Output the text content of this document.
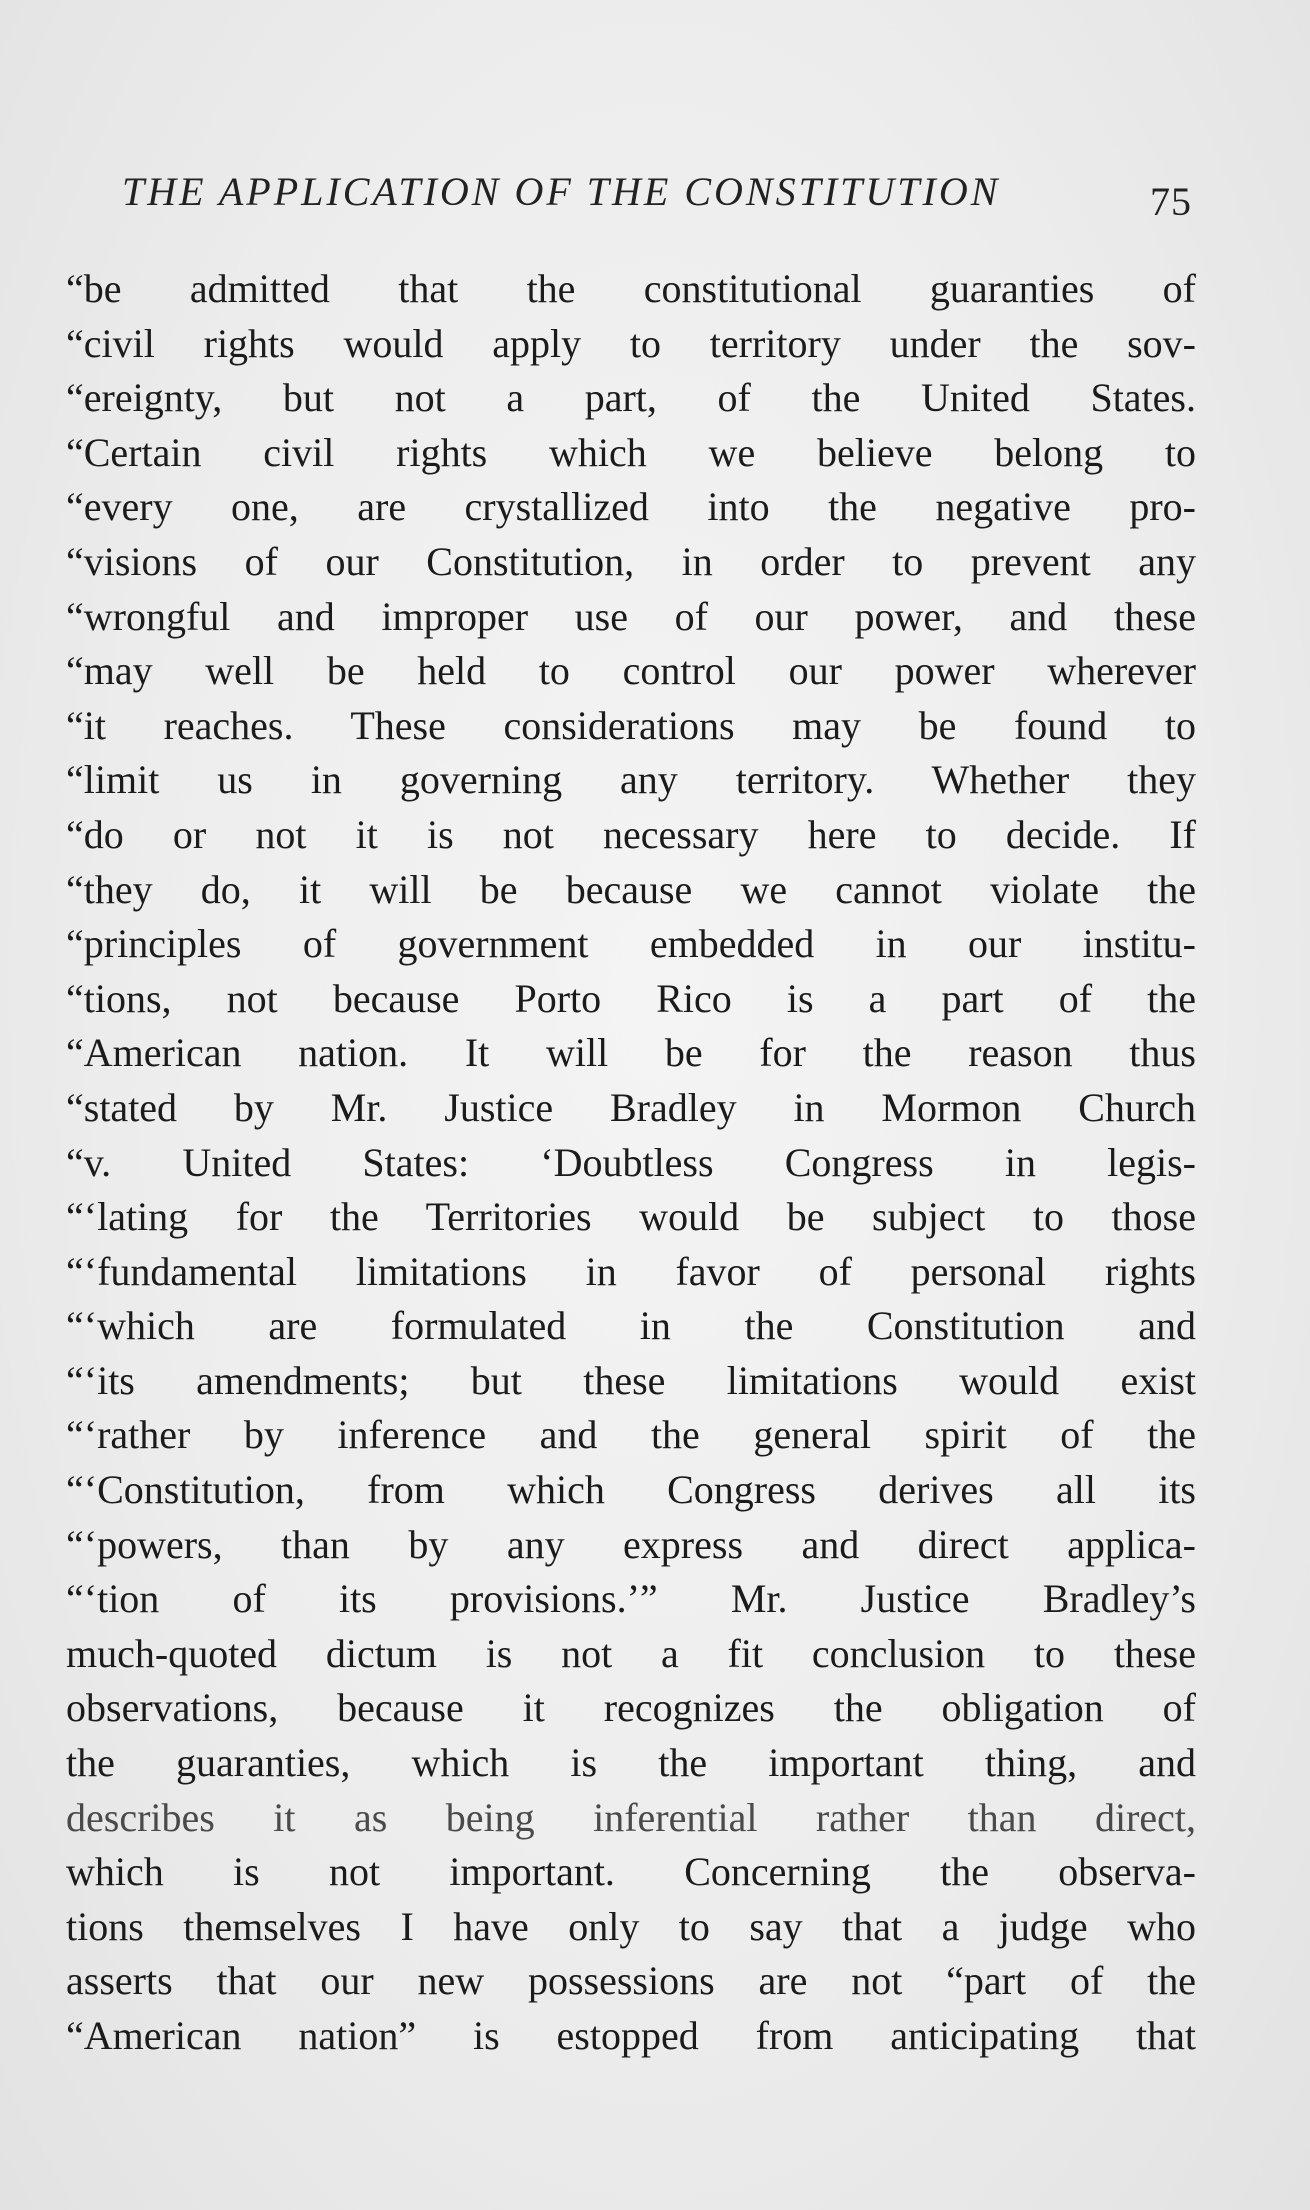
THE APPLICATION OF THE CONSTITUTION	75
“be admitted that the constitutional guaranties of
“civil rights would apply to territory under the sov-
“ereignty, but not a part, of the United States.
“Certain civil rights which we believe belong to
“every one, are crystallized into the negative pro-
“visions of our Constitution, in order to prevent any
“wrongful and improper use of our power, and these
“may well be held to control our power wherever
“it reaches. These considerations may be found to
“limit us in governing any territory. Whether they
“do or not it is not necessary here to decide. If
“they do, it will be because we cannot violate the
“principles of government embedded in our institu-
“tions, not because Porto Rico is a part of the
“American nation. It will be for the reason thus
“stated by Mr. Justice Bradley in Mormon Church
“v. United States: ‘Doubtless Congress in legis-
“‘lating for the Territories would be subject to those
“‘fundamental limitations in favor of personal rights
“‘which are formulated in the Constitution and
“‘its amendments; but these limitations would exist
“‘rather by inference and the general spirit of the
“‘Constitution, from which Congress derives all its
“‘powers, than by any express and direct applica-
“‘tion of its provisions.’” Mr. Justice Bradley’s
much-quoted dictum is not a fit conclusion to these
observations, because it recognizes the obligation of
the guaranties, which is the important thing, and
describes it as being inferential rather than direct,
which is not important. Concerning the observa-
tions themselves I have only to say that a judge who
asserts that our new possessions are not “part of the
“American nation” is estopped from anticipating that
